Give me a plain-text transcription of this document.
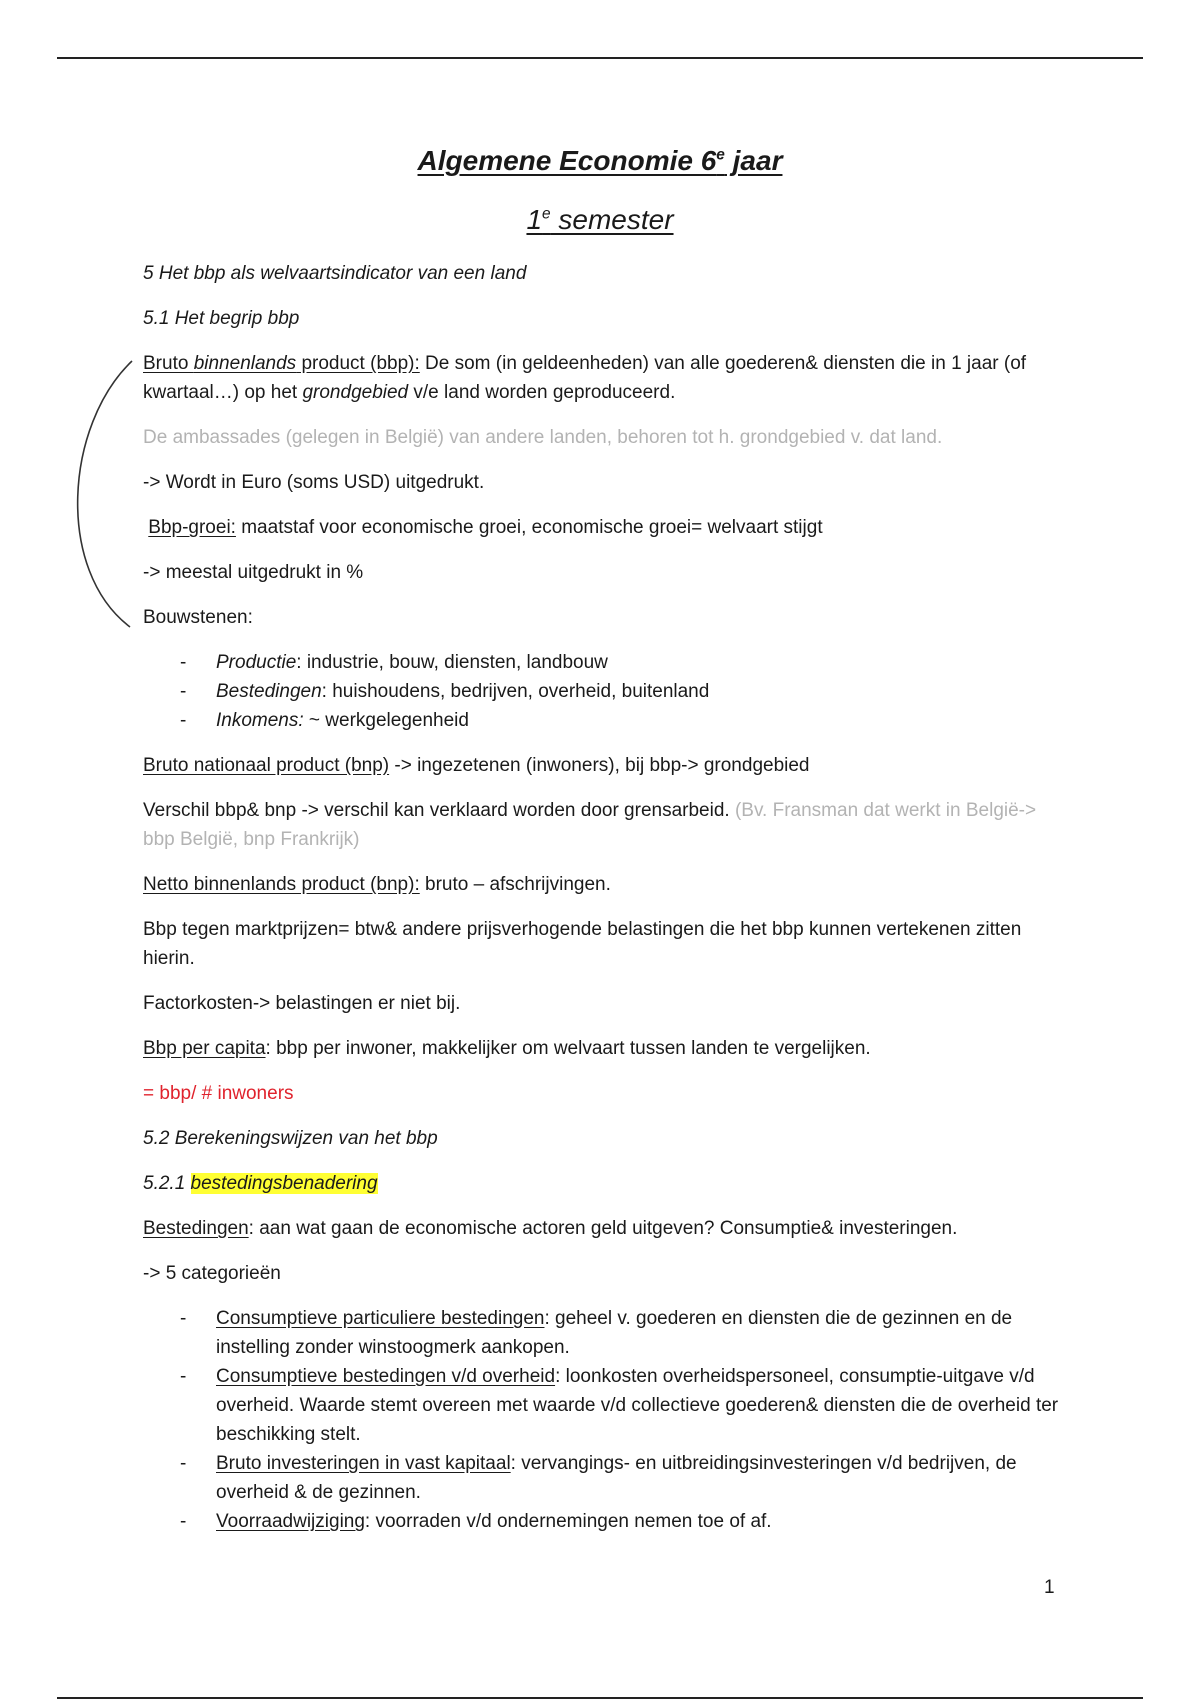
Algemene Economie 6e jaar
1e semester

5 Het bbp als welvaartsindicator van een land

5.1 Het begrip bbp

Bruto binnenlands product (bbp): De som (in geldeenheden) van alle goederen& diensten die in 1 jaar (of kwartaal…) op het grondgebied v/e land worden geproduceerd.

De ambassades (gelegen in België) van andere landen, behoren tot h. grondgebied v. dat land.

-> Wordt in Euro (soms USD) uitgedrukt.

Bbp-groei: maatstaf voor economische groei, economische groei= welvaart stijgt

-> meestal uitgedrukt in %

Bouwstenen:

- Productie: industrie, bouw, diensten, landbouw
- Bestedingen: huishoudens, bedrijven, overheid, buitenland
- Inkomens: ~ werkgelegenheid

Bruto nationaal product (bnp) -> ingezetenen (inwoners), bij bbp-> grondgebied

Verschil bbp& bnp -> verschil kan verklaard worden door grensarbeid. (Bv. Fransman dat werkt in België-> bbp België, bnp Frankrijk)

Netto binnenlands product (bnp): bruto – afschrijvingen.

Bbp tegen marktprijzen= btw& andere prijsverhogende belastingen die het bbp kunnen vertekenen zitten hierin.

Factorkosten-> belastingen er niet bij.

Bbp per capita: bbp per inwoner, makkelijker om welvaart tussen landen te vergelijken.

= bbp/ # inwoners

5.2 Berekeningswijzen van het bbp

5.2.1 bestedingsbenadering

Bestedingen: aan wat gaan de economische actoren geld uitgeven? Consumptie& investeringen.

-> 5 categorieën

- Consumptieve particuliere bestedingen: geheel v. goederen en diensten die de gezinnen en de instelling zonder winstoogmerk aankopen.
- Consumptieve bestedingen v/d overheid: loonkosten overheidspersoneel, consumptie-uitgave v/d overheid. Waarde stemt overeen met waarde v/d collectieve goederen& diensten die de overheid ter beschikking stelt.
- Bruto investeringen in vast kapitaal: vervangings- en uitbreidingsinvesteringen v/d bedrijven, de overheid & de gezinnen.
- Voorraadwijziging: voorraden v/d ondernemingen nemen toe of af.
1
